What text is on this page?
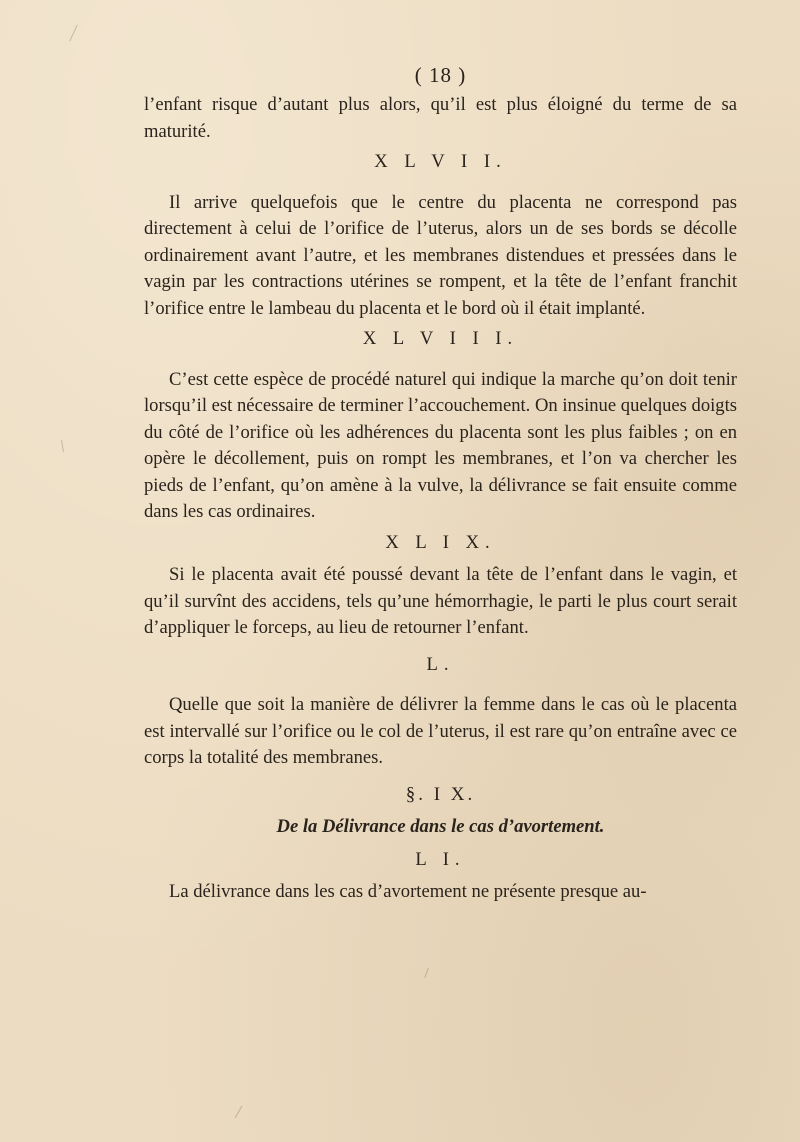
( 18 )

l’enfant risque d’autant plus alors, qu’il est plus éloigné du terme de sa maturité.

X L V I I.

Il arrive quelquefois que le centre du placenta ne correspond pas directement à celui de l’orifice de l’uterus, alors un de ses bords se décolle ordinairement avant l’autre, et les membranes distendues et pressées dans le vagin par les contractions utérines se rompent, et la tête de l’enfant franchit l’orifice entre le lambeau du placenta et le bord où il était implanté.

X L V I I I.

C’est cette espèce de procédé naturel qui indique la marche qu’on doit tenir lorsqu’il est nécessaire de terminer l’accouchement. On insinue quelques doigts du côté de l’orifice où les adhérences du placenta sont les plus faibles ; on en opère le décollement, puis on rompt les membranes, et l’on va chercher les pieds de l’enfant, qu’on amène à la vulve, la délivrance se fait ensuite comme dans les cas ordinaires.

X L I X.

Si le placenta avait été poussé devant la tête de l’enfant dans le vagin, et qu’il survînt des accidens, tels qu’une hémorrhagie, le parti le plus court serait d’appliquer le forceps, au lieu de retourner l’enfant.

L.

Quelle que soit la manière de délivrer la femme dans le cas où le placenta est intervallé sur l’orifice ou le col de l’uterus, il est rare qu’on entraîne avec ce corps la totalité des membranes.

§. I X.
De la Délivrance dans le cas d’avortement.
L I.

La délivrance dans les cas d’avortement ne présente presque au-
